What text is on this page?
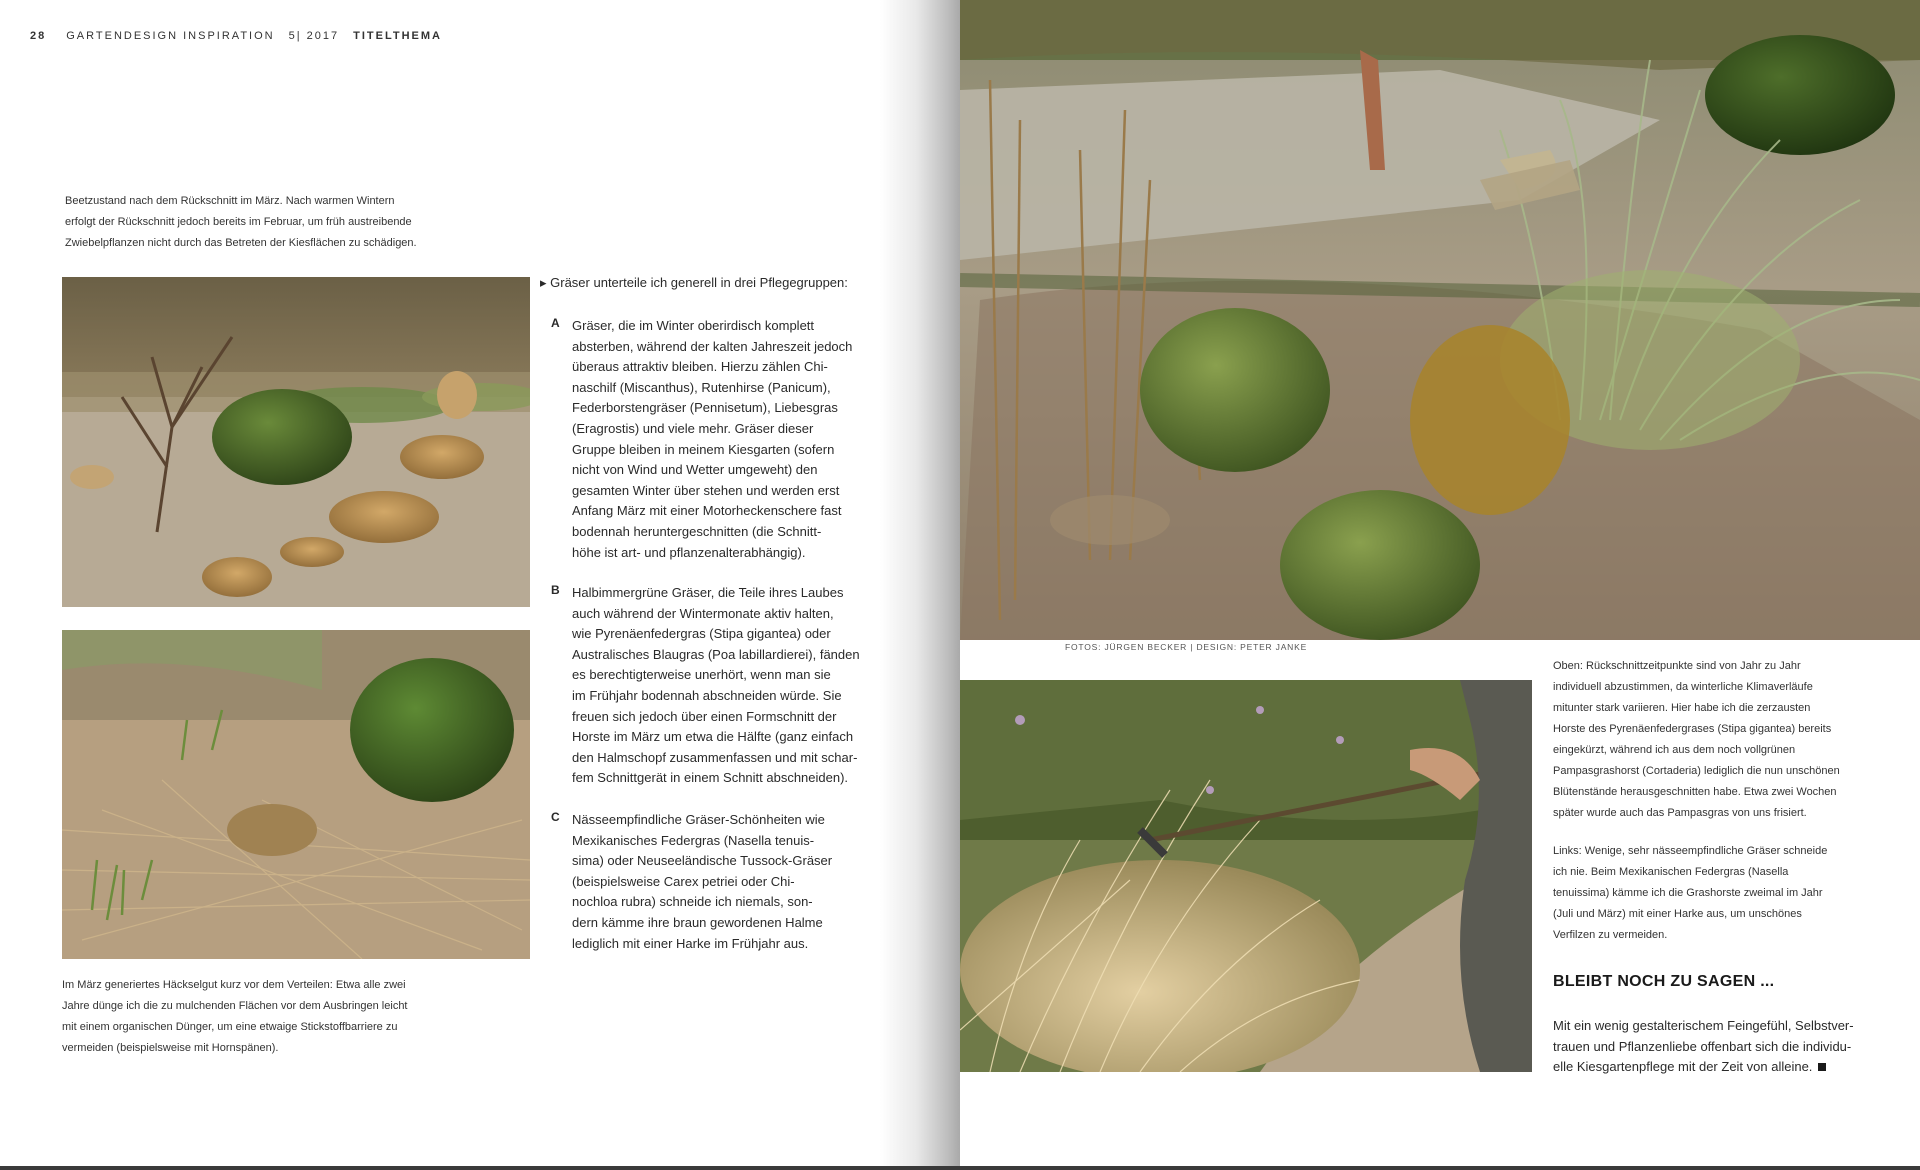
28 GARTENDESIGN INSPIRATION 5| 2017 TITELTHEMA
Beetzustand nach dem Rückschnitt im März. Nach warmen Wintern
erfolgt der Rückschnitt jedoch bereits im Februar, um früh austreibende
Zwiebelpflanzen nicht durch das Betreten der Kiesflächen zu schädigen.
Im März generiertes Häckselgut kurz vor dem Verteilen: Etwa alle zwei
Jahre dünge ich die zu mulchenden Flächen vor dem Ausbringen leicht
mit einem organischen Dünger, um eine etwaige Stickstoffbarriere zu
vermeiden (beispielsweise mit Hornspänen).
▸ Gräser unterteile ich generell in drei Pflegegruppen:
A Gräser, die im Winter oberirdisch komplett

absterben, während der kalten Jahreszeit jedoch

überaus attraktiv bleiben. Hierzu zählen Chi-

naschilf (Miscanthus), Rutenhirse (Panicum),

Federborstengräser (Pennisetum), Liebesgras

(Eragrostis) und viele mehr. Gräser dieser

Gruppe bleiben in meinem Kiesgarten (sofern

nicht von Wind und Wetter umgeweht) den

gesamten Winter über stehen und werden erst

Anfang März mit einer Motorheckenschere fast

bodennah heruntergeschnitten (die Schnitt-

höhe ist art- und pflanzenalterabhängig).

B Halbimmergrüne Gräser, die Teile ihres Laubes

auch während der Wintermonate aktiv halten,

wie Pyrenäenfedergras (Stipa gigantea) oder

Australisches Blaugras (Poa labillardierei), fänden

es berechtigterweise unerhört, wenn man sie

im Frühjahr bodennah abschneiden würde. Sie

freuen sich jedoch über einen Formschnitt der

Horste im März um etwa die Hälfte (ganz einfach

den Halmschopf zusammenfassen und mit schar-

fem Schnittgerät in einem Schnitt abschneiden).

C Nässeempfindliche Gräser-Schönheiten wie

Mexikanisches Federgras (Nasella tenuis-

sima) oder Neuseeländische Tussock-Gräser

(beispielsweise Carex petriei oder Chi-

nochloa rubra) schneide ich niemals, son-

dern kämme ihre braun gewordenen Halme

lediglich mit einer Harke im Frühjahr aus.

FOTOS: JÜRGEN BECKER | DESIGN: PETER JANKE
Oben: Rückschnittzeitpunkte sind von Jahr zu Jahr
individuell abzustimmen, da winterliche Klimaverläufe
mitunter stark variieren. Hier habe ich die zerzausten
Horste des Pyrenäenfedergrases (Stipa gigantea) bereits
eingekürzt, während ich aus dem noch vollgrünen
Pampasgrashorst (Cortaderia) lediglich die nun unschönen
Blütenstände herausgeschnitten habe. Etwa zwei Wochen
später wurde auch das Pampasgras von uns frisiert.
Links: Wenige, sehr nässeempfindliche Gräser schneide
ich nie. Beim Mexikanischen Federgras (Nasella
tenuissima) kämme ich die Grashorste zweimal im Jahr
(Juli und März) mit einer Harke aus, um unschönes
Verfilzen zu vermeiden.
BLEIBT NOCH ZU SAGEN ...

Mit ein wenig gestalterischem Feingefühl, Selbstver-

trauen und Pflanzenliebe offenbart sich die individu-

elle Kiesgartenpflege mit der Zeit von alleine.
